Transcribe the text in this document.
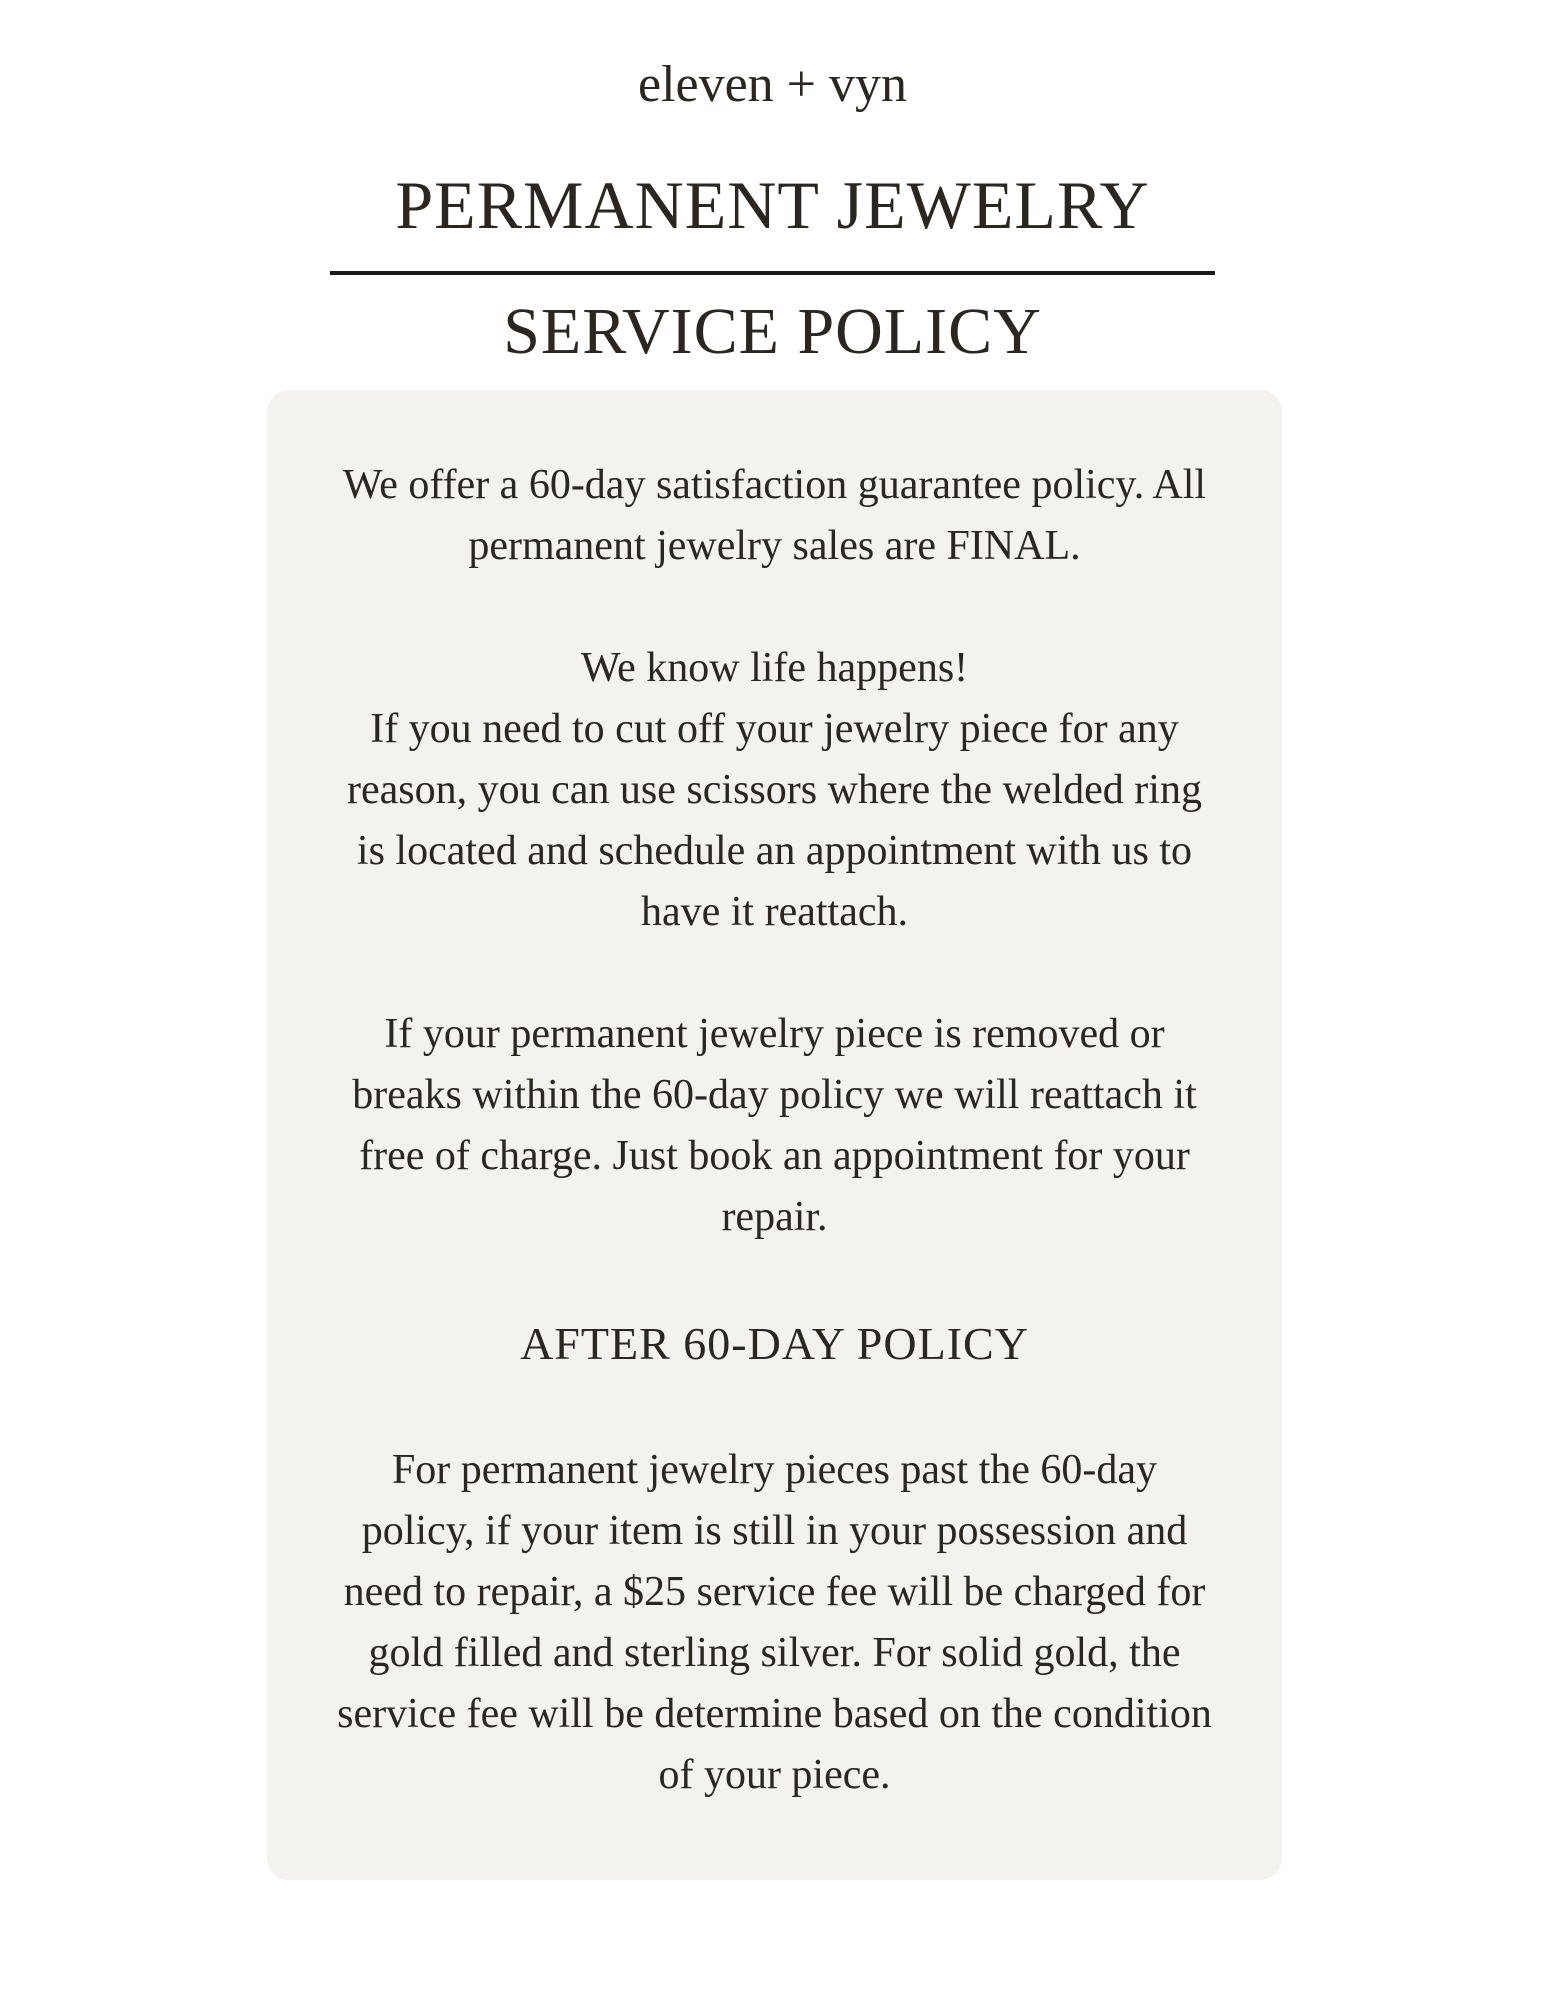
eleven + vyn
PERMANENT JEWELRY
SERVICE POLICY

We offer a 60-day satisfaction guarantee policy. All
permanent jewelry sales are FINAL.

We know life happens!
If you need to cut off your jewelry piece for any
reason, you can use scissors where the welded ring
is located and schedule an appointment with us to
have it reattach.

If your permanent jewelry piece is removed or
breaks within the 60-day policy we will reattach it
free of charge. Just book an appointment for your
repair.

AFTER 60-DAY POLICY

For permanent jewelry pieces past the 60-day
policy, if your item is still in your possession and
need to repair, a $25 service fee will be charged for
gold filled and sterling silver. For solid gold, the
service fee will be determine based on the condition
of your piece.
